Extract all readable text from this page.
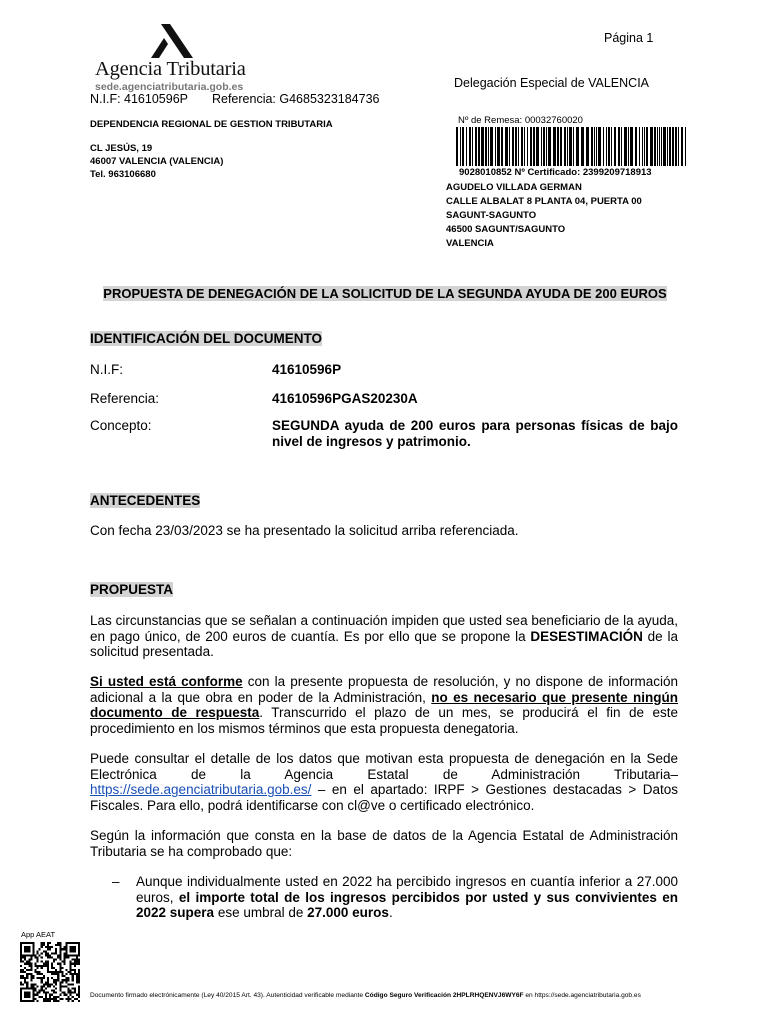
Agencia Tributaria
sede.agenciatributaria.gob.es
Página 1
Delegación Especial de VALENCIA
N.I.F: 41610596P Referencia: G4685323184736
DEPENDENCIA REGIONAL DE GESTION TRIBUTARIA
CL JESÚS, 19
46007 VALENCIA (VALENCIA)
Tel. 963106680
Nº de Remesa: 00032760020
9028010852 Nº Certificado: 2399209718913
AGUDELO VILLADA GERMAN
CALLE ALBALAT 8 PLANTA 04, PUERTA 00
SAGUNT-SAGUNTO
46500 SAGUNT/SAGUNTO
VALENCIA
PROPUESTA DE DENEGACIÓN DE LA SOLICITUD DE LA SEGUNDA AYUDA DE 200 EUROS
IDENTIFICACIÓN DEL DOCUMENTO
N.I.F:	41610596P
Referencia:	41610596PGAS20230A
Concepto:	SEGUNDA ayuda de 200 euros para personas físicas de bajo nivel de ingresos y patrimonio.
ANTECEDENTES
Con fecha 23/03/2023 se ha presentado la solicitud arriba referenciada.
PROPUESTA
Las circunstancias que se señalan a continuación impiden que usted sea beneficiario de la ayuda, en pago único, de 200 euros de cuantía. Es por ello que se propone la DESESTIMACIÓN de la solicitud presentada.
Si usted está conforme con la presente propuesta de resolución, y no dispone de información adicional a la que obra en poder de la Administración, no es necesario que presente ningún documento de respuesta. Transcurrido el plazo de un mes, se producirá el fin de este procedimiento en los mismos términos que esta propuesta denegatoria.
Puede consultar el detalle de los datos que motivan esta propuesta de denegación en la Sede Electrónica de la Agencia Estatal de Administración Tributaria– https://sede.agenciatributaria.gob.es/ – en el apartado: IRPF > Gestiones destacadas > Datos Fiscales. Para ello, podrá identificarse con cl@ve o certificado electrónico.
Según la información que consta en la base de datos de la Agencia Estatal de Administración Tributaria se ha comprobado que:
– Aunque individualmente usted en 2022 ha percibido ingresos en cuantía inferior a 27.000 euros, el importe total de los ingresos percibidos por usted y sus convivientes en 2022 supera ese umbral de 27.000 euros.
App AEAT
Documento firmado electrónicamente (Ley 40/2015 Art. 43). Autenticidad verificable mediante Código Seguro Verificación 2HPLRHQENVJ6WY6F en https://sede.agenciatributaria.gob.es
